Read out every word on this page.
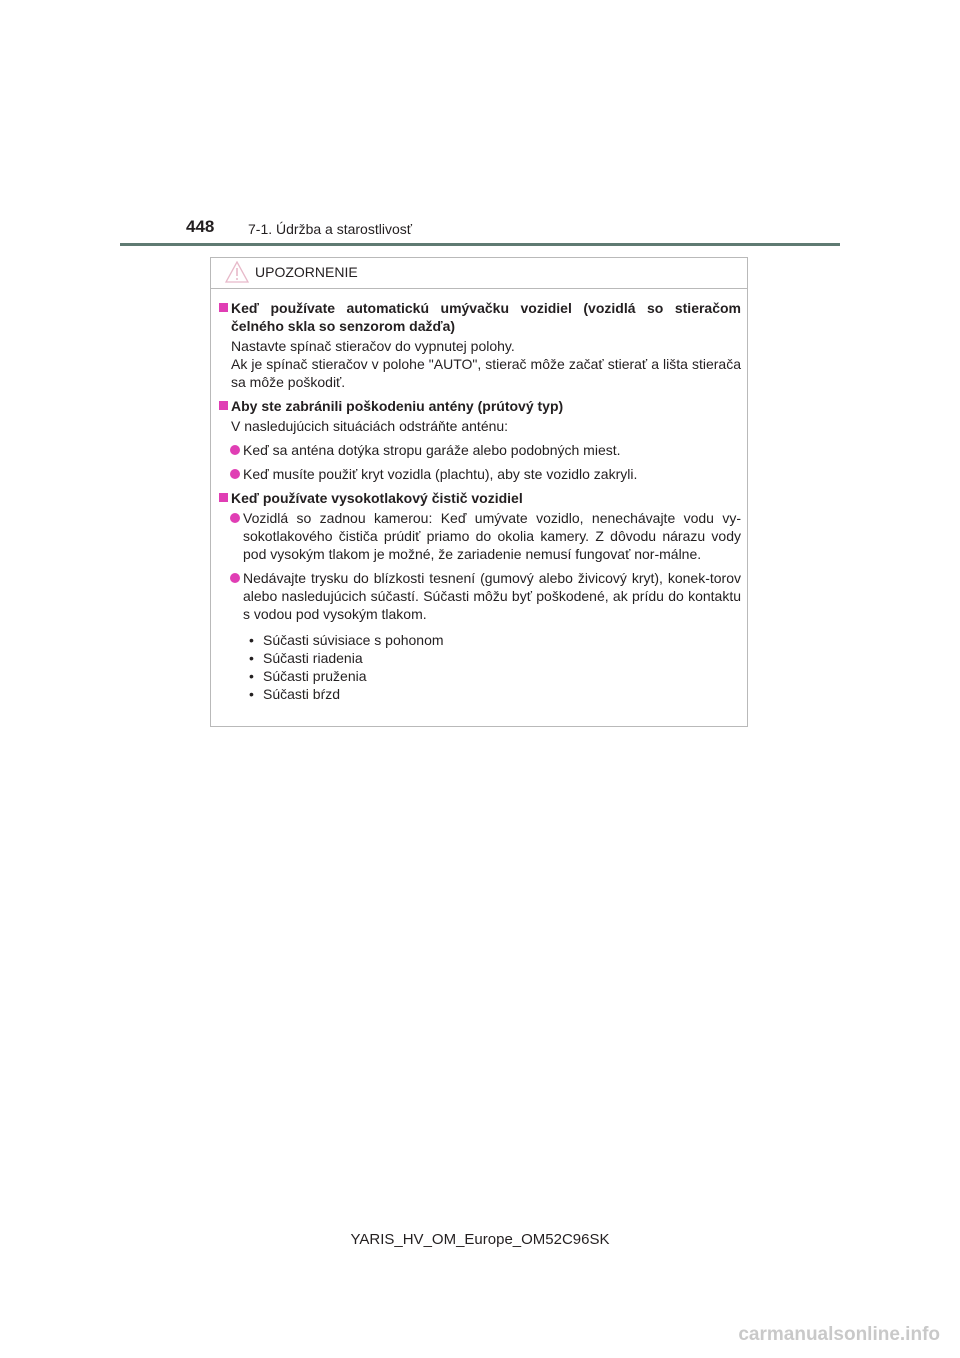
448 7-1. Údržba a starostlivosť
UPOZORNENIE
Keď používate automatickú umývačku vozidiel (vozidlá so stieračom čelného skla so senzorom dažďa)
Nastavte spínač stieračov do vypnutej polohy.
Ak je spínač stieračov v polohe "AUTO", stierač môže začať stierať a lišta stierača sa môže poškodiť.
Aby ste zabránili poškodeniu antény (prútový typ)
V nasledujúcich situáciách odstráňte anténu:
Keď sa anténa dotýka stropu garáže alebo podobných miest.
Keď musíte použiť kryt vozidla (plachtu), aby ste vozidlo zakryli.
Keď používate vysokotlakový čistič vozidiel
Vozidlá so zadnou kamerou: Keď umývate vozidlo, nenechávajte vodu vy-sokotlakového čističa prúdiť priamo do okolia kamery. Z dôvodu nárazu vody pod vysokým tlakom je možné, že zariadenie nemusí fungovať nor-málne.
Nedávajte trysku do blízkosti tesnení (gumový alebo živicový kryt), konek-torov alebo nasledujúcich súčastí. Súčasti môžu byť poškodené, ak prídu do kontaktu s vodou pod vysokým tlakom.
• Súčasti súvisiace s pohonom
• Súčasti riadenia
• Súčasti pruženia
• Súčasti bŕzd
YARIS_HV_OM_Europe_OM52C96SK
carmanualsonline.info
